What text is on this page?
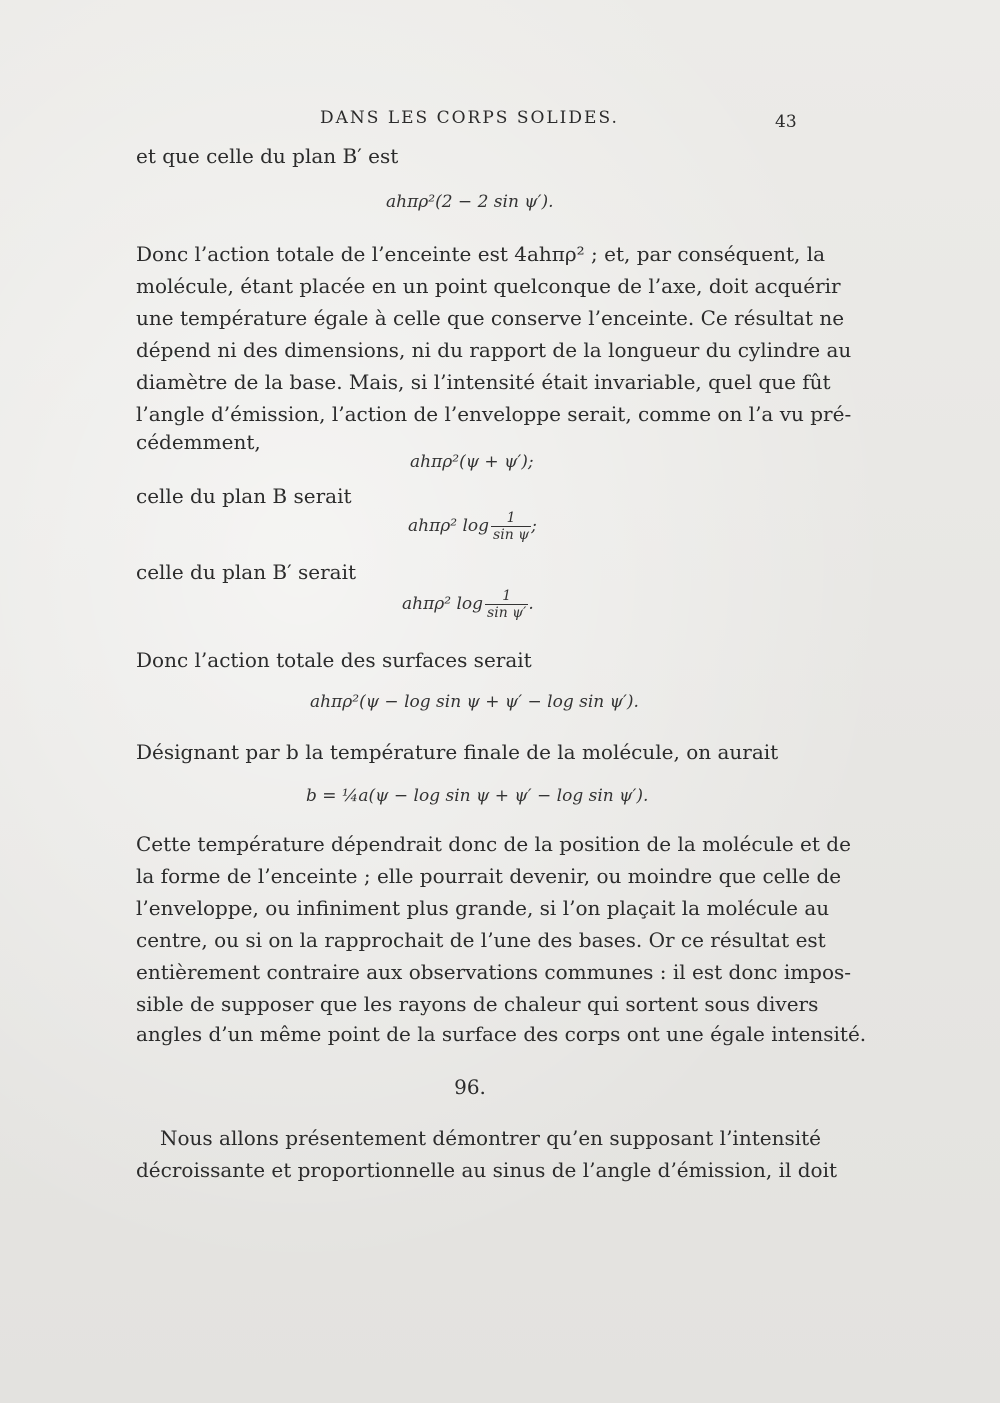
DANS LES CORPS SOLIDES.	43
et que celle du plan B′ est
ahπρ²(2 − 2 sin ψ′).
Donc l’action totale de l’enceinte est 4ahπρ² ; et, par conséquent, la
molécule, étant placée en un point quelconque de l’axe, doit acquérir
une température égale à celle que conserve l’enceinte. Ce résultat ne
dépend ni des dimensions, ni du rapport de la longueur du cylindre au
diamètre de la base. Mais, si l’intensité était invariable, quel que fût
l’angle d’émission, l’action de l’enveloppe serait, comme on l’a vu pré-
cédemment,
ahπρ²(ψ + ψ′);
celle du plan B serait
ahπρ² $\log \frac{1}{\text{sin ψ}}$ ;
celle du plan B′ serait
ahπρ² $\log \frac{1}{\text{sin ψ′}}$ .
Donc l’action totale des surfaces serait
ahπρ²(ψ − log sin ψ + ψ′ − log sin ψ′).
Désignant par b la température finale de la molécule, on aurait
b = ¼a(ψ − log sin ψ + ψ′ − log sin ψ′).
Cette température dépendrait donc de la position de la molécule et de
la forme de l’enceinte ; elle pourrait devenir, ou moindre que celle de
l’enveloppe, ou infiniment plus grande, si l’on plaçait la molécule au
centre, ou si on la rapprochait de l’une des bases. Or ce résultat est
entièrement contraire aux observations communes : il est donc impos-
sible de supposer que les rayons de chaleur qui sortent sous divers
angles d’un même point de la surface des corps ont une égale intensité.
96.
Nous allons présentement démontrer qu’en supposant l’intensité
décroissante et proportionnelle au sinus de l’angle d’émission, il doit
